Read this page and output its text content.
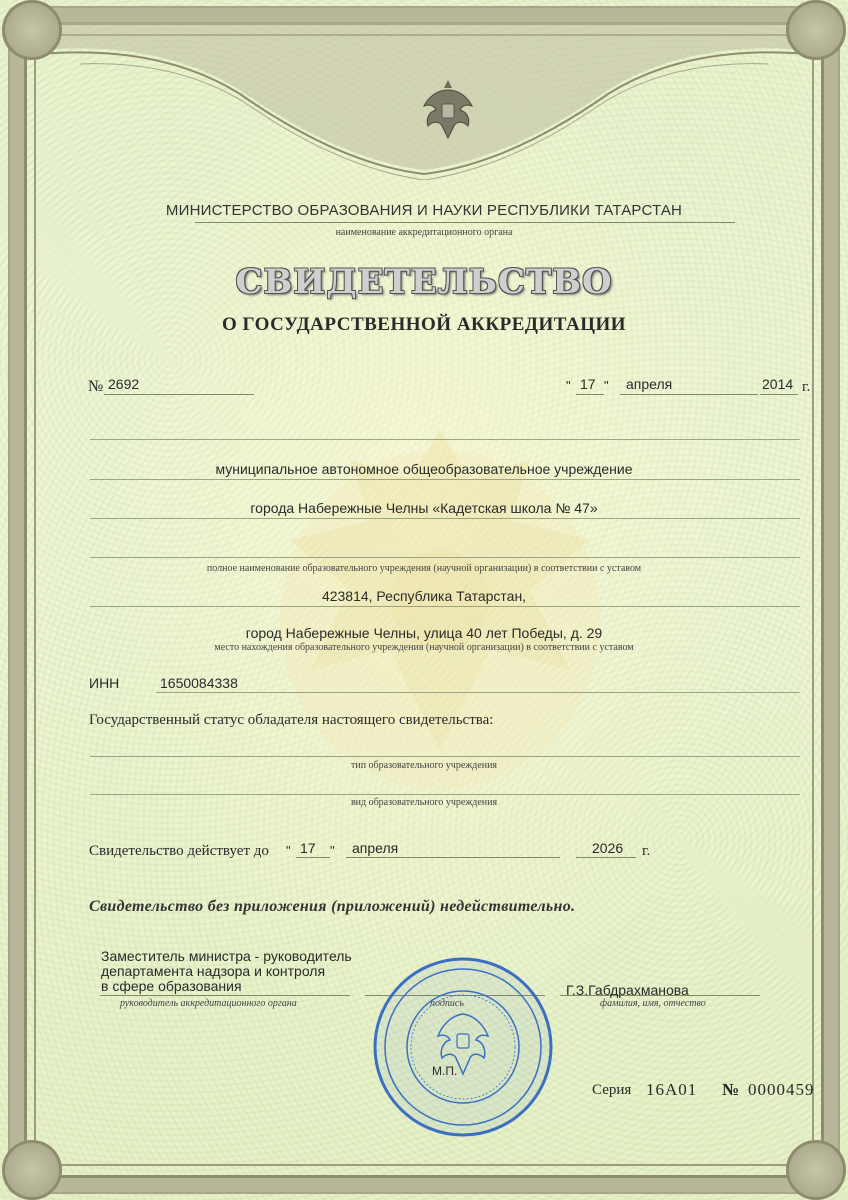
МИНИСТЕРСТВО ОБРАЗОВАНИЯ И НАУКИ РЕСПУБЛИКИ ТАТАРСТАН
наименование аккредитационного органа
СВИДЕТЕЛЬСТВО
О ГОСУДАРСТВЕННОЙ АККРЕДИТАЦИИ
№ 2692	" 17 " апреля	2014 г.
муниципальное автономное общеобразовательное учреждение
города Набережные Челны «Кадетская школа № 47»
полное наименование образовательного учреждения (научной организации) в соответствии с уставом
423814, Республика Татарстан,
город Набережные Челны, улица 40 лет Победы, д. 29
место нахождения образовательного учреждения (научной организации) в соответствии с уставом
ИНН	1650084338
Государственный статус обладателя настоящего свидетельства:
тип образовательного учреждения
вид образовательного учреждения
Свидетельство действует до " 17 " апреля	2026 г.
Свидетельство без приложения (приложений) недействительно.
Заместитель министра - руководитель
департамента надзора и контроля
в сфере образования	Г.З.Габдрахманова
руководитель аккредитационного органа	фамилия, имя, отчество
М.П.
Серия 16А01 № 0000459
